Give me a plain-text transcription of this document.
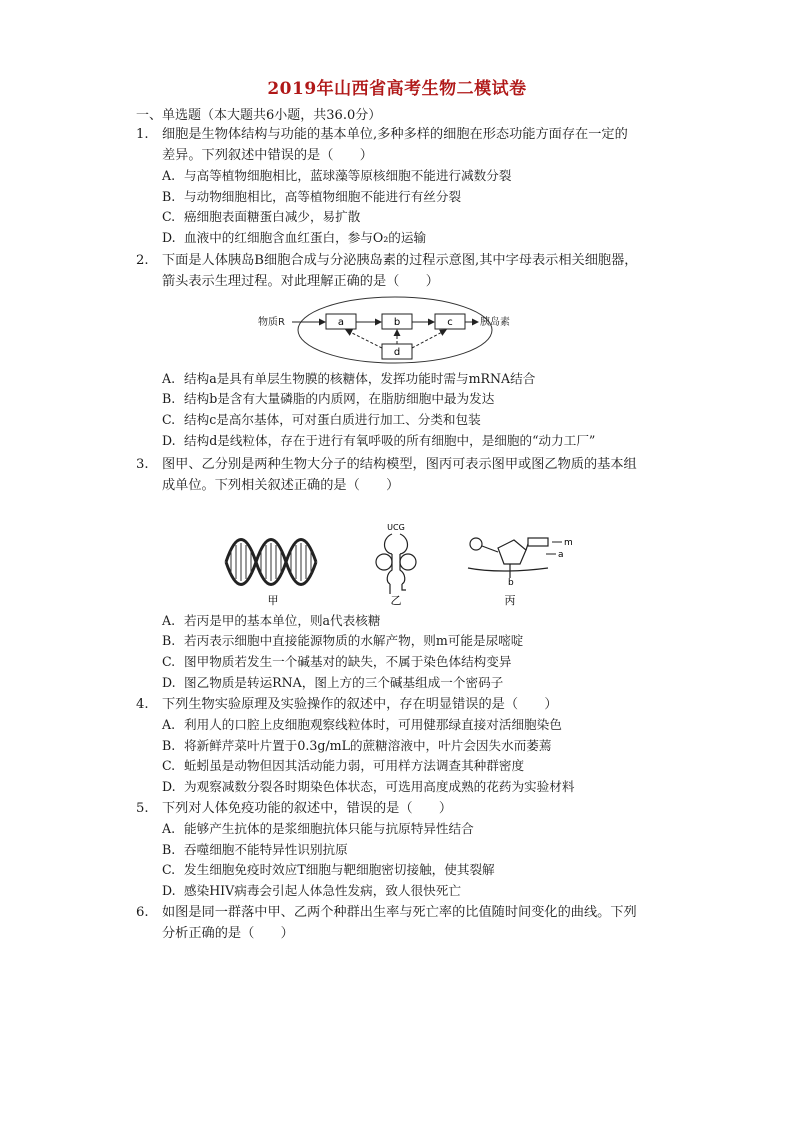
2019年山西省高考生物二模试卷
一、单选题（本大题共6小题，共36.0分）
1. 细胞是生物体结构与功能的基本单位,多种多样的细胞在形态功能方面存在一定的
差异。下列叙述中错误的是（　　）
A. 与高等植物细胞相比，蓝球藻等原核细胞不能进行减数分裂
B. 与动物细胞相比，高等植物细胞不能进行有丝分裂
C. 癌细胞表面糖蛋白减少，易扩散
D. 血液中的红细胞含血红蛋白，参与O₂的运输
2. 下面是人体胰岛B细胞合成与分泌胰岛素的过程示意图,其中字母表示相关细胞器，
箭头表示生理过程。对此理解正确的是（　　）
物质R	胰岛素
a	b	c
d
A. 结构a是具有单层生物膜的核糖体，发挥功能时需与mRNA结合
B. 结构b是含有大量磷脂的内质网，在脂肪细胞中最为发达
C. 结构c是高尔基体，可对蛋白质进行加工、分类和包装
D. 结构d是线粒体，存在于进行有氧呼吸的所有细胞中，是细胞的“动力工厂”
3. 图甲、乙分别是两种生物大分子的结构模型，图丙可表示图甲或图乙物质的基本组
成单位。下列相关叙述正确的是（　　）
UCG
m
a
b
甲	乙	丙
A. 若丙是甲的基本单位，则a代表核糖
B. 若丙表示细胞中直接能源物质的水解产物，则m可能是尿嘧啶
C. 图甲物质若发生一个碱基对的缺失，不属于染色体结构变异
D. 图乙物质是转运RNA，图上方的三个碱基组成一个密码子
4. 下列生物实验原理及实验操作的叙述中，存在明显错误的是（　　）
A. 利用人的口腔上皮细胞观察线粒体时，可用健那绿直接对活细胞染色
B. 将新鲜芹菜叶片置于0.3g/mL的蔗糖溶液中，叶片会因失水而萎蔫
C. 蚯蚓虽是动物但因其活动能力弱，可用样方法调查其种群密度
D. 为观察减数分裂各时期染色体状态，可选用高度成熟的花药为实验材料
5. 下列对人体免疫功能的叙述中，错误的是（　　）
A. 能够产生抗体的是浆细胞抗体只能与抗原特异性结合
B. 吞噬细胞不能特异性识别抗原
C. 发生细胞免疫时效应T细胞与靶细胞密切接触，使其裂解
D. 感染HIV病毒会引起人体急性发病，致人很快死亡
6. 如图是同一群落中甲、乙两个种群出生率与死亡率的比值随时间变化的曲线。下列
分析正确的是（　　）
